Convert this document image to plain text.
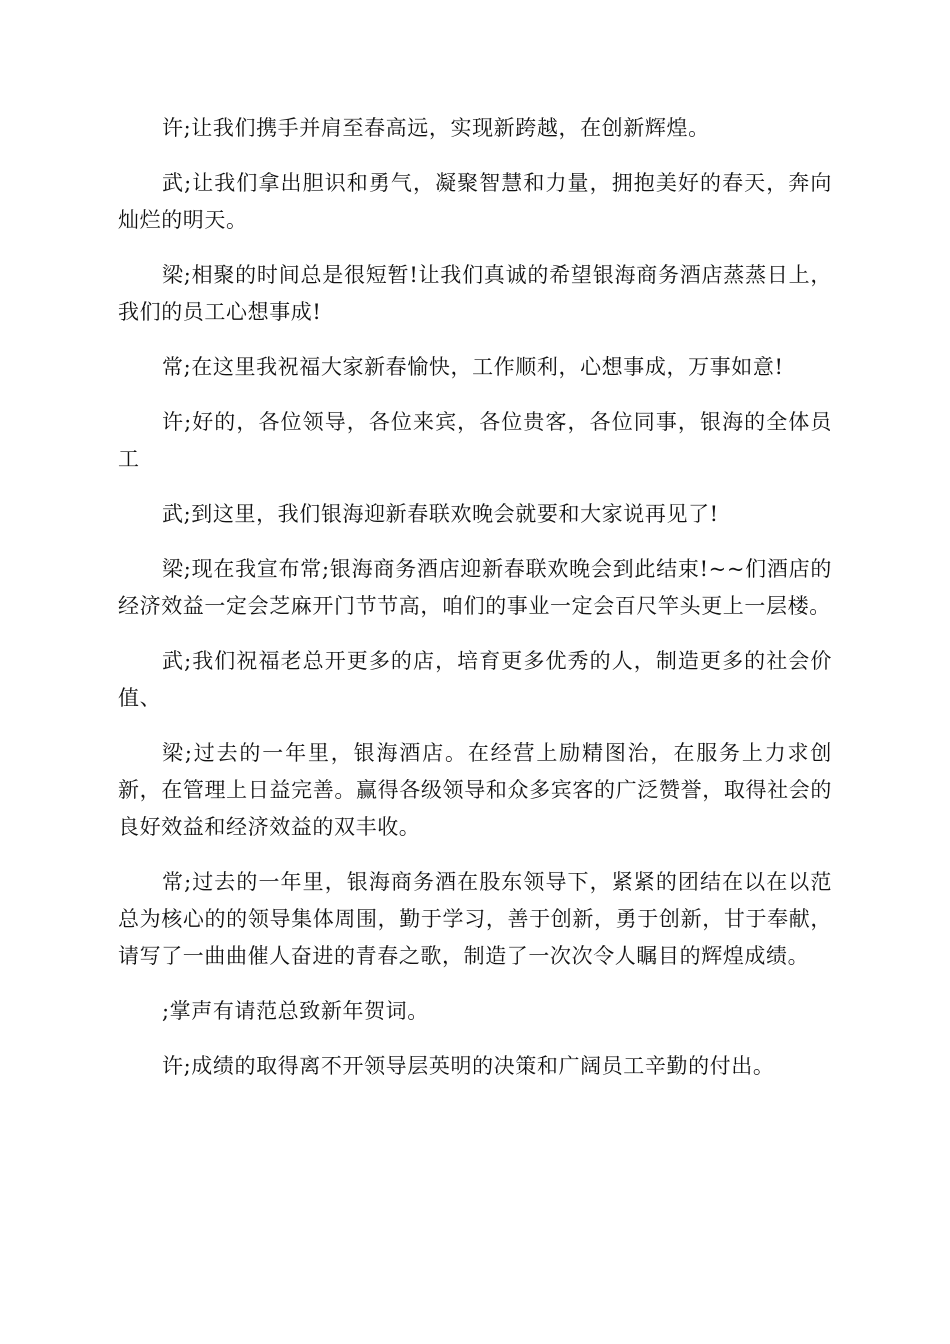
许;让我们携手并肩至春高远，实现新跨越，在创新辉煌。

武;让我们拿出胆识和勇气，凝聚智慧和力量，拥抱美好的春天，奔向灿烂的明天。

梁;相聚的时间总是很短暂!让我们真诚的希望银海商务酒店蒸蒸日上，我们的员工心想事成!

常;在这里我祝福大家新春愉快，工作顺利，心想事成，万事如意!

许;好的，各位领导，各位来宾，各位贵客，各位同事，银海的全体员工

武;到这里，我们银海迎新春联欢晚会就要和大家说再见了!

梁;现在我宣布常;银海商务酒店迎新春联欢晚会到此结束!~~们酒店的经济效益一定会芝麻开门节节高，咱们的事业一定会百尺竿头更上一层楼。

武;我们祝福老总开更多的店，培育更多优秀的人，制造更多的社会价值、

梁;过去的一年里，银海酒店。在经营上励精图治，在服务上力求创新，在管理上日益完善。赢得各级领导和众多宾客的广泛赞誉，取得社会的良好效益和经济效益的双丰收。

常;过去的一年里，银海商务酒在股东领导下，紧紧的团结在以在以范总为核心的的领导集体周围，勤于学习，善于创新，勇于创新，甘于奉献，请写了一曲曲催人奋进的青春之歌，制造了一次次令人瞩目的辉煌成绩。

;掌声有请范总致新年贺词。

许;成绩的取得离不开领导层英明的决策和广阔员工辛勤的付出。
